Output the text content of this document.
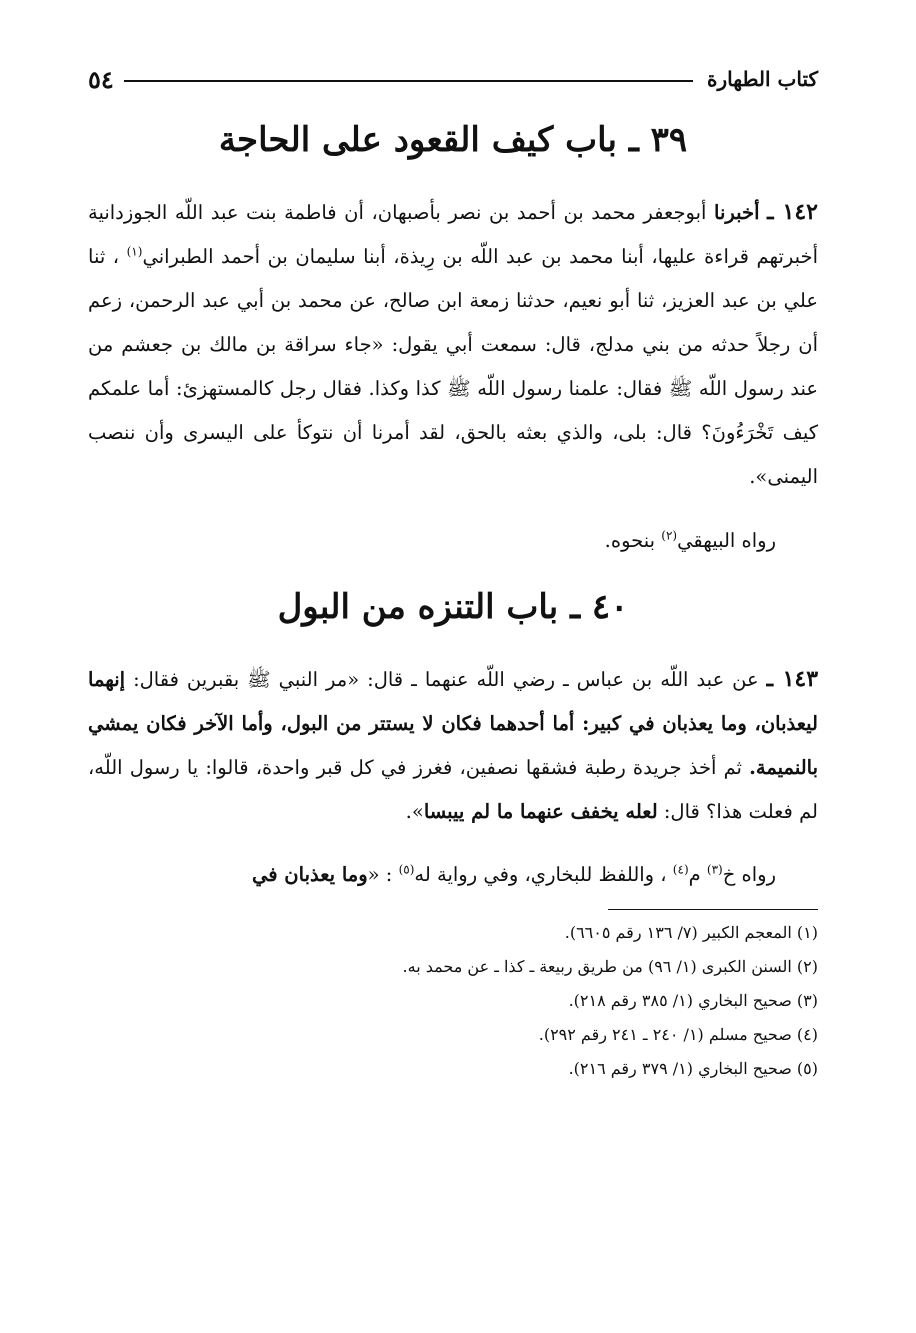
كتاب الطهارة
٥٤
٣٩ ـ باب كيف القعود على الحاجة

١٤٢ ـ أخبرنا أبوجعفر محمد بن أحمد بن نصر بأصبهان، أن فاطمة بنت عبد اللّه الجوزدانية أخبرتهم قراءة عليها، أبنا محمد بن عبد اللّه بن رِيذة، أبنا سليمان بن أحمد الطبراني$^{(١)}$ ، ثنا علي بن عبد العزيز، ثنا أبو نعيم، حدثنا زمعة ابن صالح، عن محمد بن أبي عبد الرحمن، زعم أن رجلاً حدثه من بني مدلج، قال: سمعت أبي يقول: «جاء سراقة بن مالك بن جعشم من عند رسول اللّه ﷺ فقال: علمنا رسول اللّه ﷺ كذا وكذا. فقال رجل كالمستهزئ: أما علمكم كيف تَخْرَءُونَ؟ قال: بلى، والذي بعثه بالحق، لقد أمرنا أن نتوكأ على اليسرى وأن ننصب اليمنى».

رواه البيهقي$^{(٢)}$ بنحوه.
٤٠ ـ باب التنزه من البول

١٤٣ ـ عن عبد اللّه بن عباس ـ رضي اللّه عنهما ـ قال: «مر النبي ﷺ بقبرين فقال: إنهما ليعذبان، وما يعذبان في كبير: أما أحدهما فكان لا يستتر من البول، وأما الآخر فكان يمشي بالنميمة. ثم أخذ جريدة رطبة فشقها نصفين، فغرز في كل قبر واحدة، قالوا: يا رسول اللّه، لم فعلت هذا؟ قال: لعله يخفف عنهما ما لم ييبسا».

رواه خ$^{(٣)}$ م$^{(٤)}$ ، واللفظ للبخاري، وفي رواية له$^{(٥)}$ : «وما يعذبان في
(١) المعجم الكبير (٧/ ١٣٦ رقم ٦٦٠٥).
(٢) السنن الكبرى (١/ ٩٦) من طريق ربيعة ـ كذا ـ عن محمد به.
(٣) صحيح البخاري (١/ ٣٨٥ رقم ٢١٨).
(٤) صحيح مسلم (١/ ٢٤٠ ـ ٢٤١ رقم ٢٩٢).
(٥) صحيح البخاري (١/ ٣٧٩ رقم ٢١٦).
